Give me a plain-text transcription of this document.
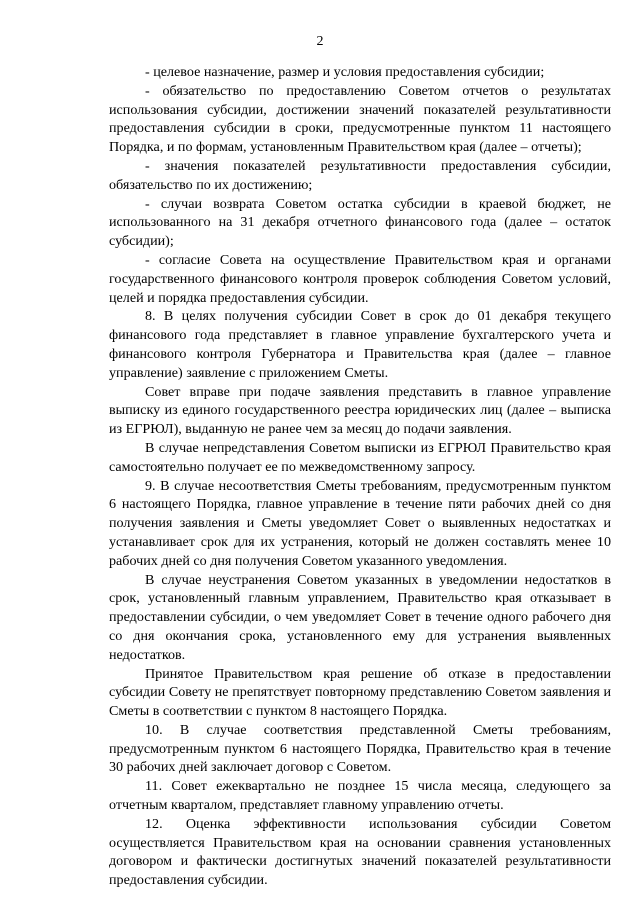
2

- целевое назначение, размер и условия предоставления субсидии;

- обязательство по предоставлению Советом отчетов о результатах использования субсидии, достижении значений показателей результативности предоставления субсидии в сроки, предусмотренные пунктом 11 настоящего Порядка, и по формам, установленным Правительством края (далее – отчеты);

- значения показателей результативности предоставления субсидии, обязательство по их достижению;

- случаи возврата Советом остатка субсидии в краевой бюджет, не использованного на 31 декабря отчетного финансового года (далее – остаток субсидии);

- согласие Совета на осуществление Правительством края и органами государственного финансового контроля проверок соблюдения Советом условий, целей и порядка предоставления субсидии.

8. В целях получения субсидии Совет в срок до 01 декабря текущего финансового года представляет в главное управление бухгалтерского учета и финансового контроля Губернатора и Правительства края (далее – главное управление) заявление с приложением Сметы.

Совет вправе при подаче заявления представить в главное управление выписку из единого государственного реестра юридических лиц (далее – выписка из ЕГРЮЛ), выданную не ранее чем за месяц до подачи заявления.

В случае непредставления Советом выписки из ЕГРЮЛ Правительство края самостоятельно получает ее по межведомственному запросу.

9. В случае несоответствия Сметы требованиям, предусмотренным пунктом 6 настоящего Порядка, главное управление в течение пяти рабочих дней со дня получения заявления и Сметы уведомляет Совет о выявленных недостатках и устанавливает срок для их устранения, который не должен составлять менее 10 рабочих дней со дня получения Советом указанного уведомления.

В случае неустранения Советом указанных в уведомлении недостатков в срок, установленный главным управлением, Правительство края отказывает в предоставлении субсидии, о чем уведомляет Совет в течение одного рабочего дня со дня окончания срока, установленного ему для устранения выявленных недостатков.

Принятое Правительством края решение об отказе в предоставлении субсидии Совету не препятствует повторному представлению Советом заявления и Сметы в соответствии с пунктом 8 настоящего Порядка.

10. В случае соответствия представленной Сметы требованиям, предусмотренным пунктом 6 настоящего Порядка, Правительство края в течение 30 рабочих дней заключает договор с Советом.

11. Совет ежеквартально не позднее 15 числа месяца, следующего за отчетным кварталом, представляет главному управлению отчеты.

12. Оценка эффективности использования субсидии Советом осуществляется Правительством края на основании сравнения установленных договором и фактически достигнутых значений показателей результативности предоставления субсидии.
